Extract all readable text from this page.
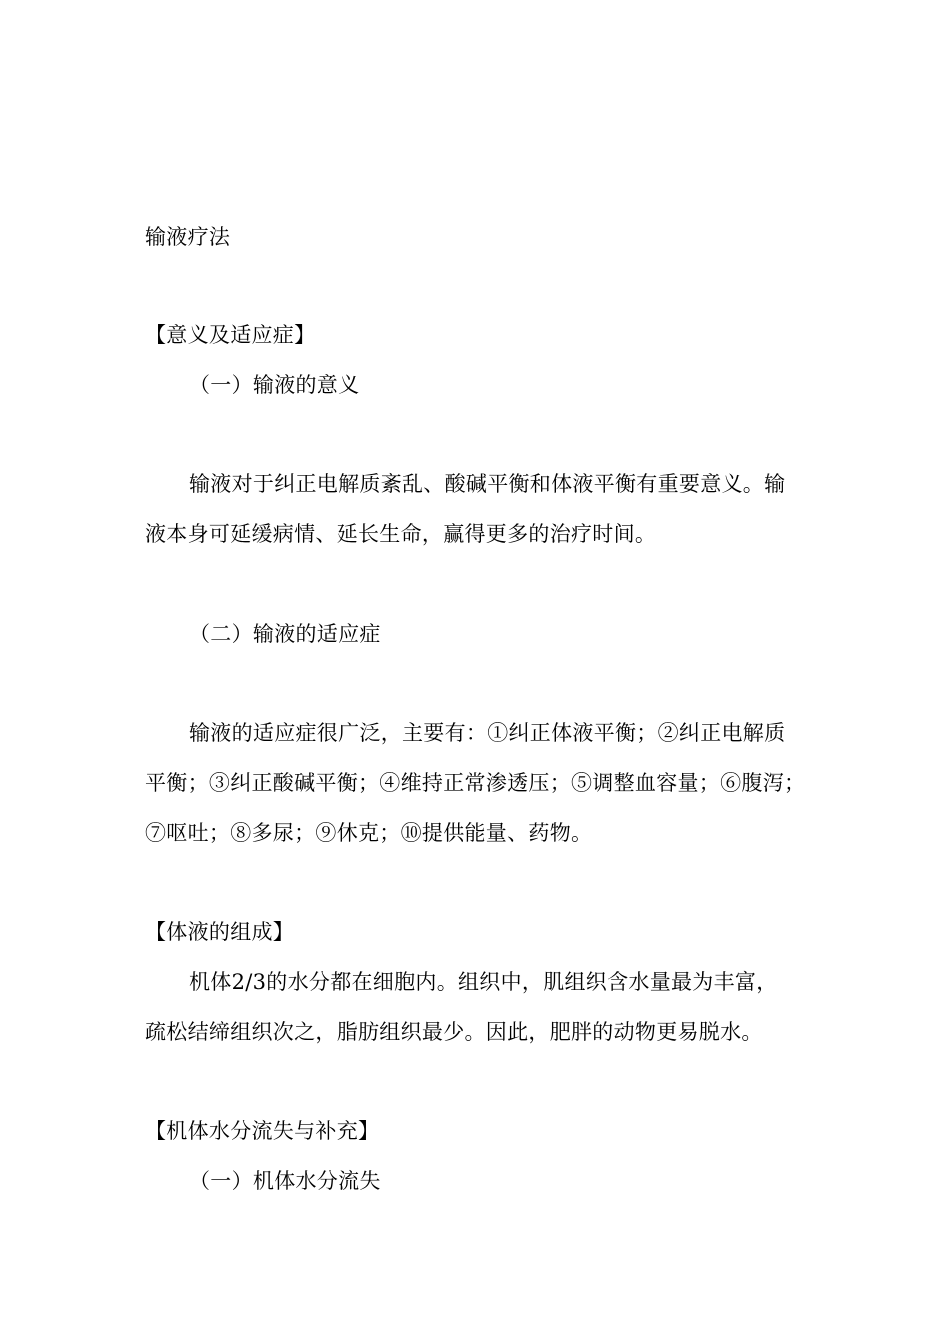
输液疗法

【意义及适应症】

（一）输液的意义

输液对于纠正电解质紊乱、酸碱平衡和体液平衡有重要意义。输

液本身可延缓病情、延长生命，赢得更多的治疗时间。

（二）输液的适应症

输液的适应症很广泛，主要有：①纠正体液平衡；②纠正电解质

平衡；③纠正酸碱平衡；④维持正常渗透压；⑤调整血容量；⑥腹泻；

⑦呕吐；⑧多尿；⑨休克；⑩提供能量、药物。

【体液的组成】

机体2/3的水分都在细胞内。组织中，肌组织含水量最为丰富，

疏松结缔组织次之，脂肪组织最少。因此，肥胖的动物更易脱水。

【机体水分流失与补充】

（一）机体水分流失
